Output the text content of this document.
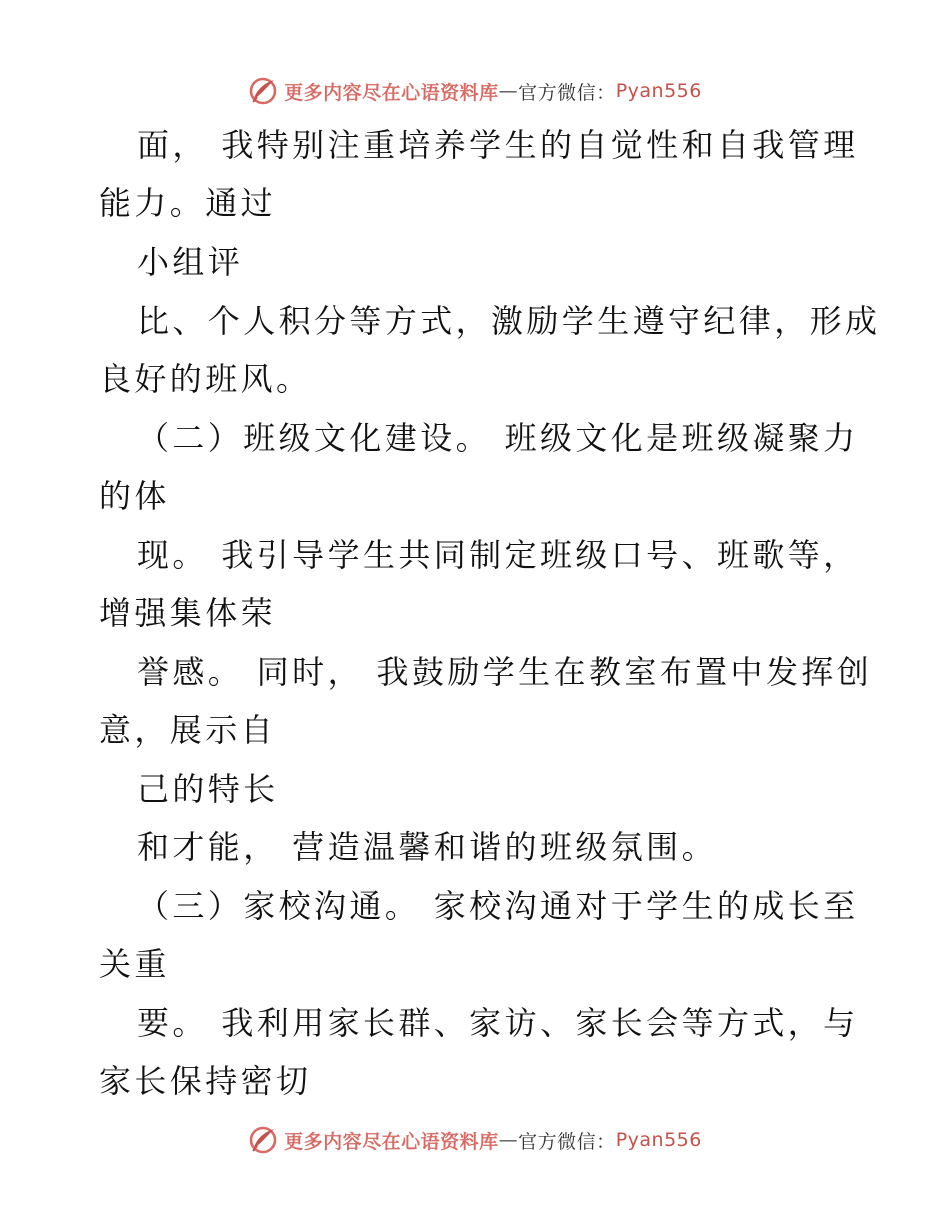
更多内容尽在心语资料库 — 官方微信： Pyan556
面， 我特别注重培养学生的自觉性和自我管理
能力。通过
小组评
比、个人积分等方式，激励学生遵守纪律，形成
良好的班风。
（二）班级文化建设。 班级文化是班级凝聚力
的体
现。 我引导学生共同制定班级口号、班歌等，
增强集体荣
誉感。 同时， 我鼓励学生在教室布置中发挥创
意，展示自
己的特长
和才能， 营造温馨和谐的班级氛围。
（三）家校沟通。 家校沟通对于学生的成长至
关重
要。 我利用家长群、家访、家长会等方式，与
家长保持密切
更多内容尽在心语资料库 — 官方微信： Pyan556
